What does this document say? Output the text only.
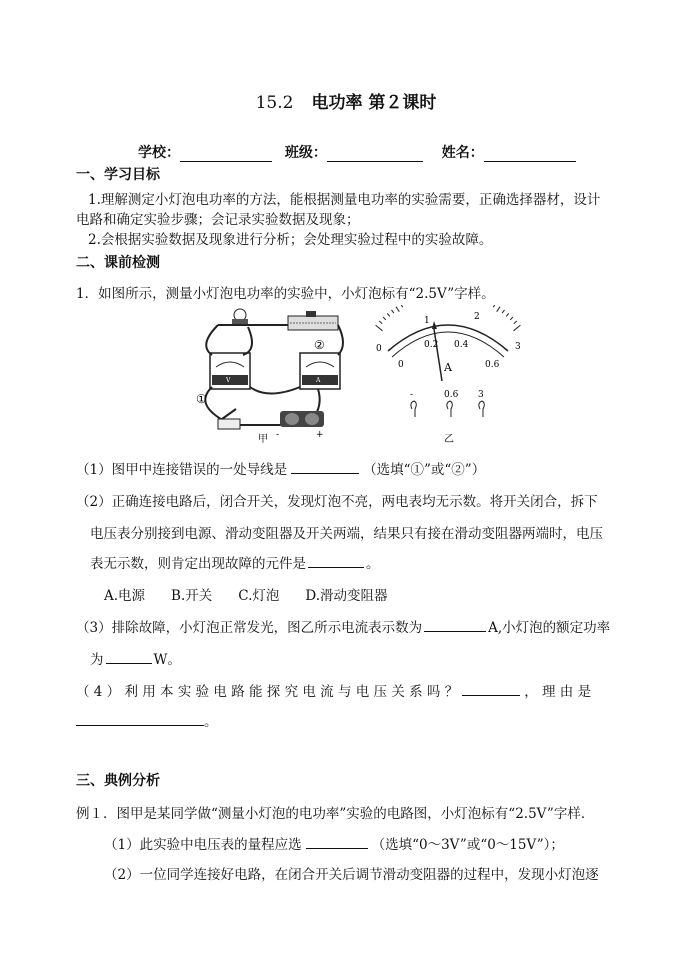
15.2 电功率 第２课时
学校：	班级：	姓名：
一、学习目标
1.理解测定小灯泡电功率的方法，能根据测量电功率的实验需要，正确选择器材，设计
电路和确定实验步骤；会记录实验数据及现象；
2.会根据实验数据及现象进行分析；会处理实验过程中的实验故障。
二、课前检测
1．如图所示，测量小灯泡电功率的实验中，小灯泡标有“2.5V”字样。
V	A
-	+
②
①
甲
0
1	2
3
0
0.2 0.4
0.6
A
-	0.6 3
乙
（1）图甲中连接错误的一处导线是	（选填“①”或“②”）
（2）正确连接电路后，闭合开关，发现灯泡不亮，两电表均无示数。将开关闭合，拆下
电压表分别接到电源、滑动变阻器及开关两端，结果只有接在滑动变阻器两端时，电压
表无示数，则肯定出现故障的元件是	。
A.电源 B.开关 C.灯泡 D.滑动变阻器
（3）排除故障，小灯泡正常发光，图乙所示电流表示数为	A,小灯泡的额定功率
为	W。
（ 4 ） 利 用 本 实 验 电 路 能 探 究 电 流 与 电 压 关 系 吗 ？	， 理 由 是
。
三、典例分析
例１．图甲是某同学做“测量小灯泡的电功率”实验的电路图，小灯泡标有“2.5V”字样．
（1）此实验中电压表的量程应选	（选填“0～3V”或“0～15V”）；
（2）一位同学连接好电路，在闭合开关后调节滑动变阻器的过程中，发现小灯泡逐
